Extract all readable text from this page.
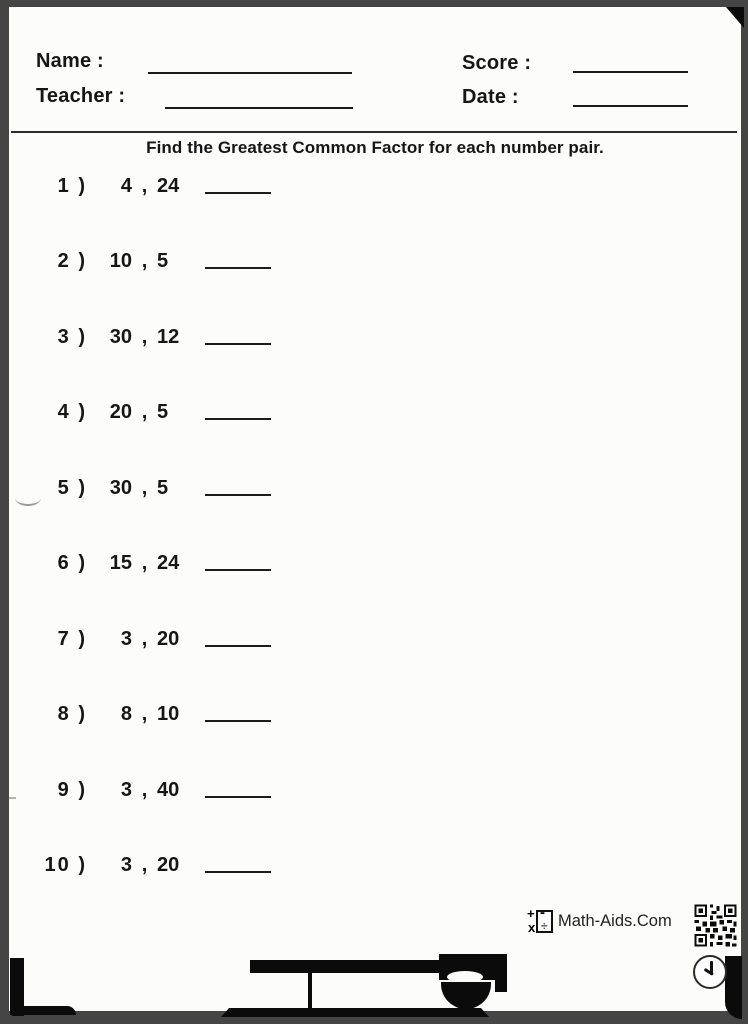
Name :
Teacher :
Score :
Date :
Find the Greatest Common Factor for each number pair.
1 ) 4 , 24
2 ) 10 , 5
3 ) 30 , 12
4 ) 20 , 5
5 ) 30 , 5
6 ) 15 , 24
7 ) 3 , 20
8 ) 8 , 10
9 ) 3 , 40
10 ) 3 , 20
+ -
x ÷ Math-Aids.Com
